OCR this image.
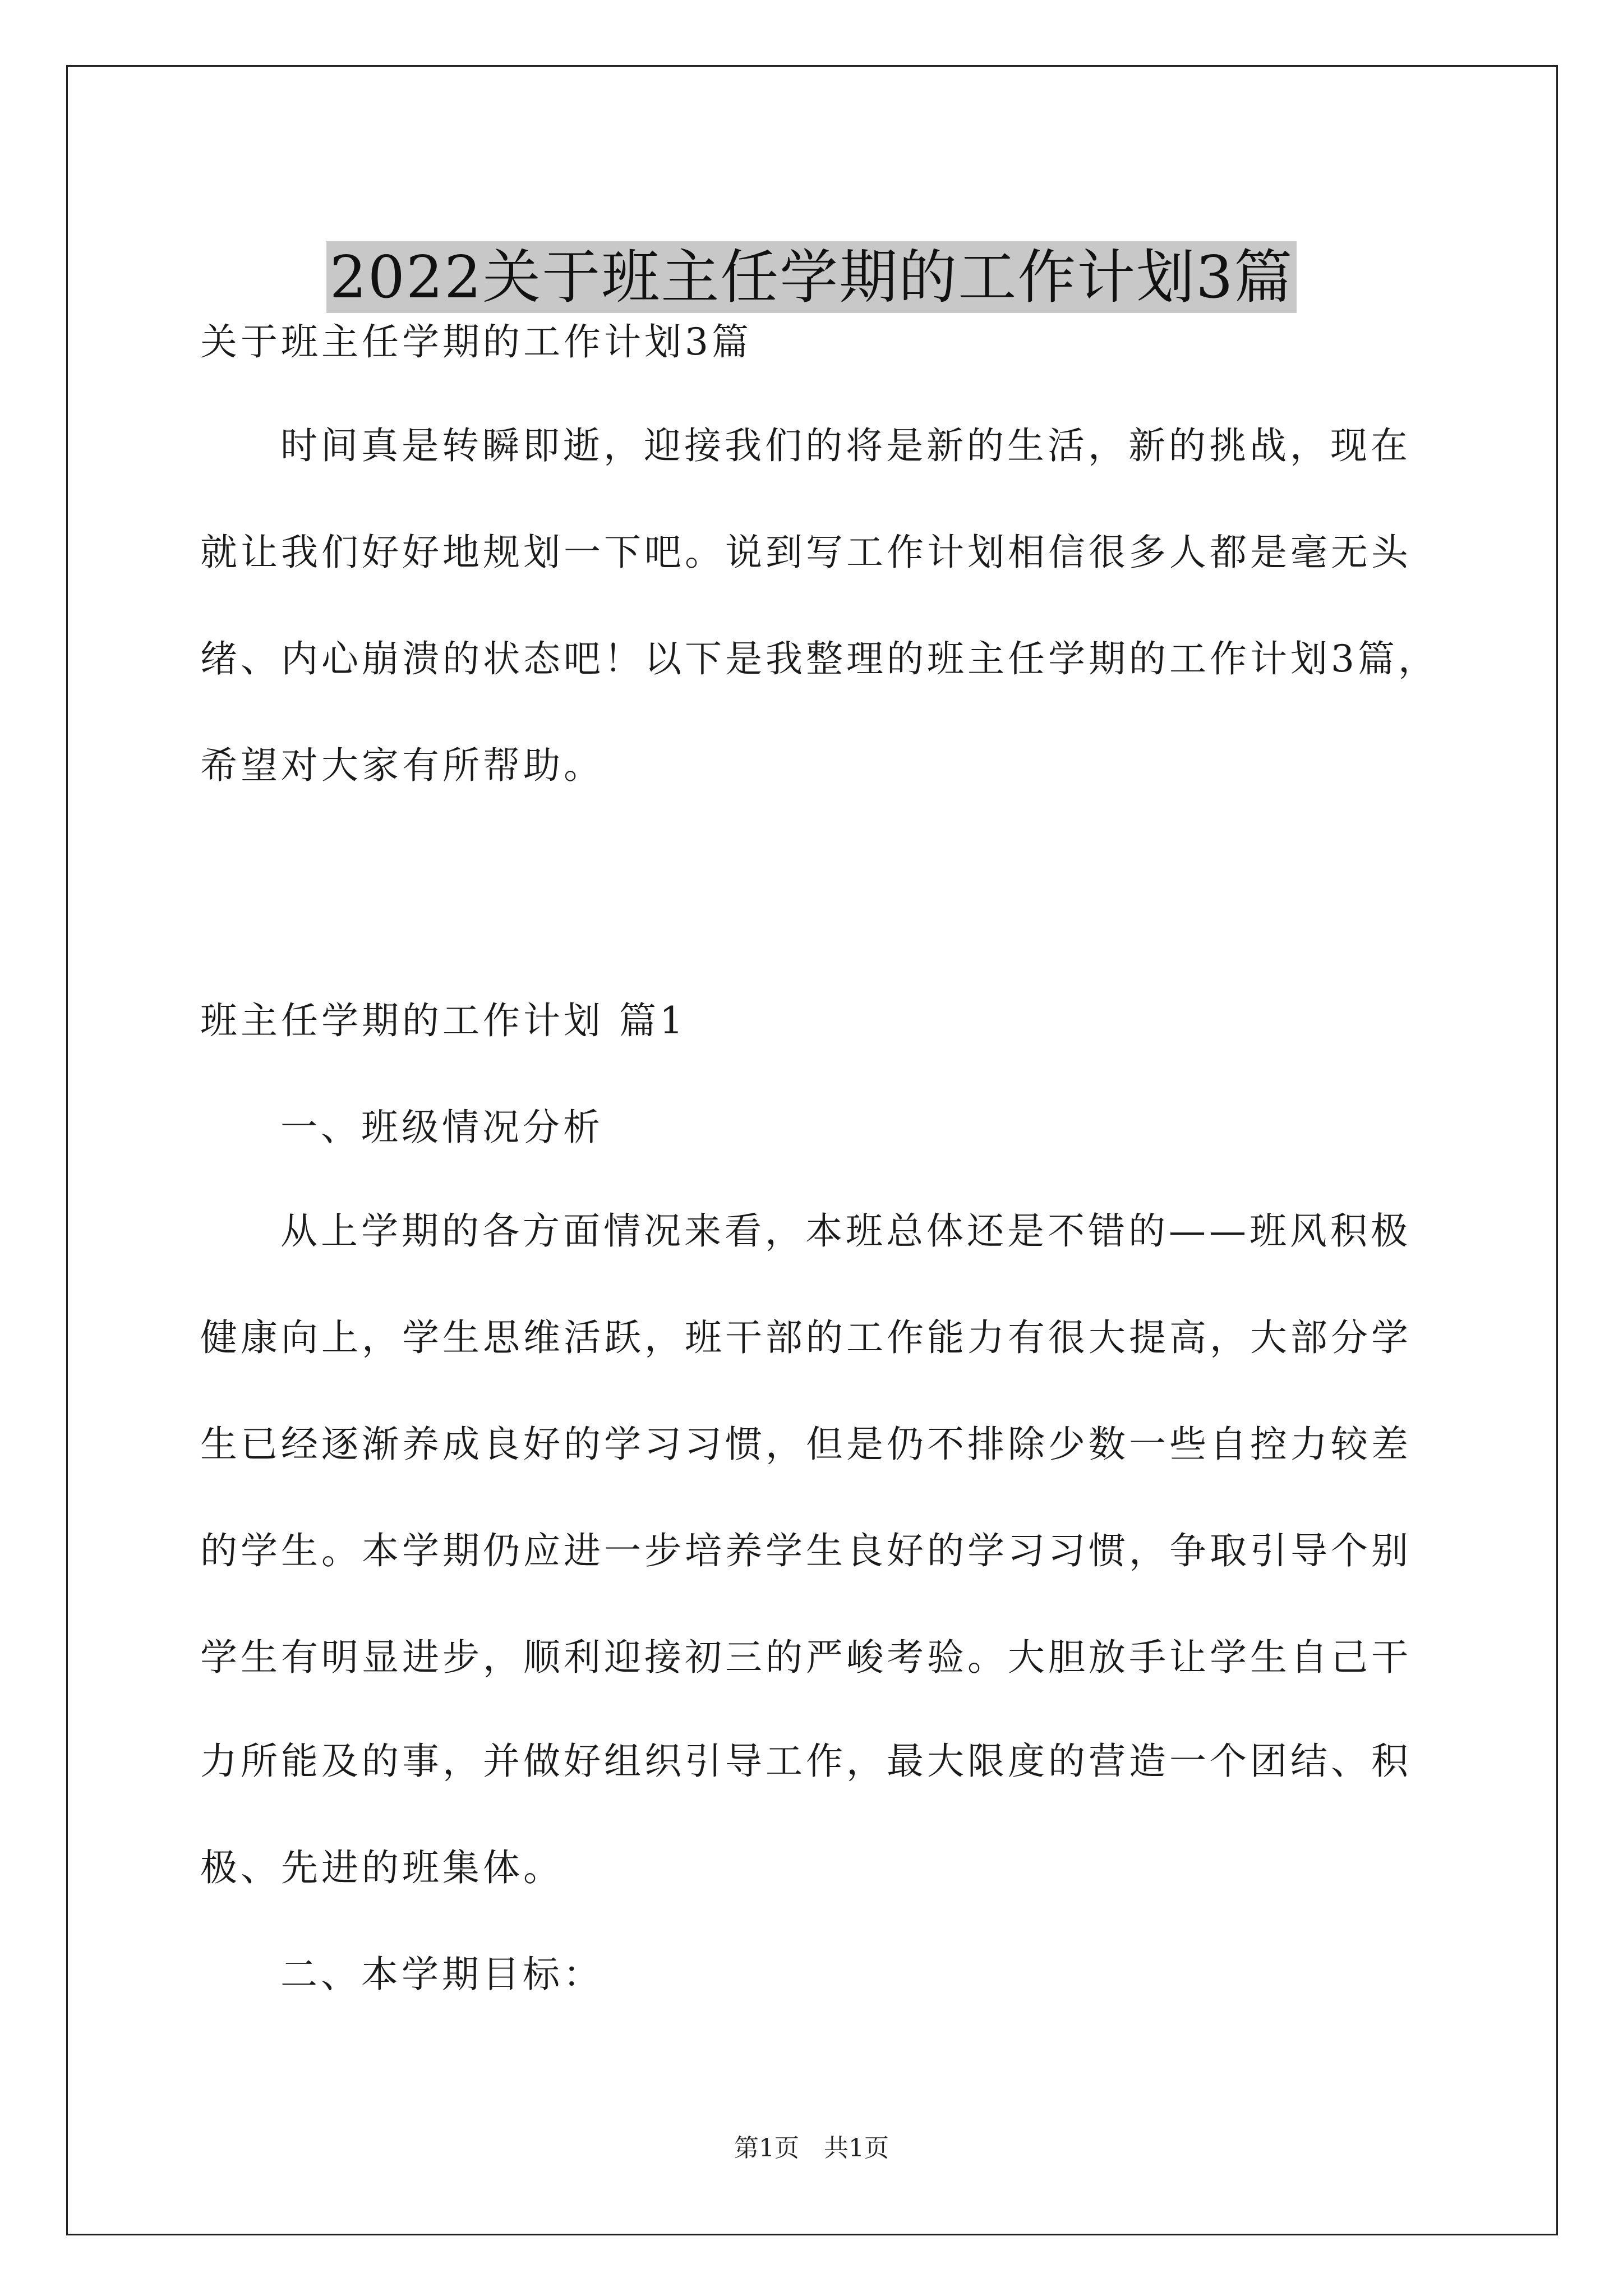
2022关于班主任学期的工作计划3篇
关于班主任学期的工作计划3篇
时间真是转瞬即逝，迎接我们的将是新的生活，新的挑战，现在
就让我们好好地规划一下吧。说到写工作计划相信很多人都是毫无头
绪、内心崩溃的状态吧！以下是我整理的班主任学期的工作计划3篇，
希望对大家有所帮助。
班主任学期的工作计划 篇1
一、班级情况分析
从上学期的各方面情况来看，本班总体还是不错的——班风积极
健康向上，学生思维活跃，班干部的工作能力有很大提高，大部分学
生已经逐渐养成良好的学习习惯，但是仍不排除少数一些自控力较差
的学生。本学期仍应进一步培养学生良好的学习习惯，争取引导个别
学生有明显进步，顺利迎接初三的严峻考验。大胆放手让学生自己干
力所能及的事，并做好组织引导工作，最大限度的营造一个团结、积
极、先进的班集体。
二、本学期目标：
第1页　共1页
